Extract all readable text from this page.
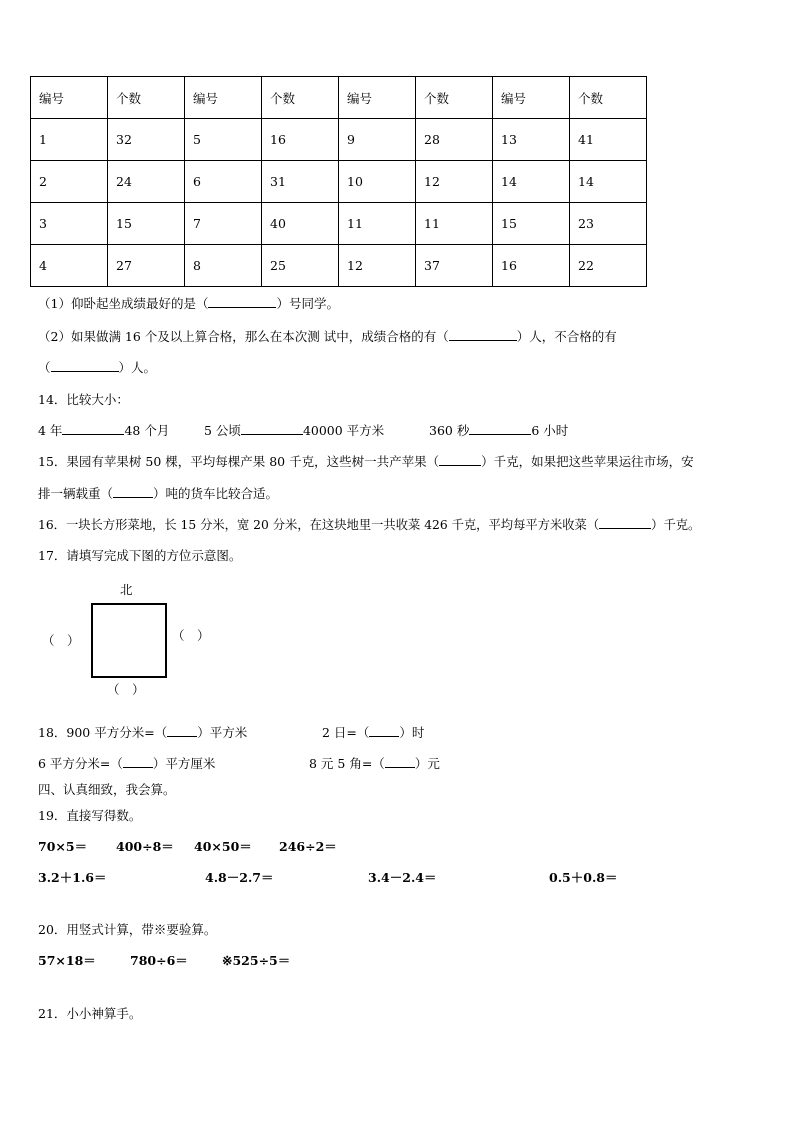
编号	个数	编号	个数	编号	个数	编号	个数
1	32	5	16	9	28	13	41
2	24	6	31	10	12	14	14
3	15	7	40	11	11	15	23
4	27	8	25	12	37	16	22
（1）仰卧起坐成绩最好的是（	）号同学。
（2）如果做满 16 个及以上算合格，那么在本次测 试中，成绩合格的有（	）人，不合格的有
（	）人。
14．比较大小：
4 年	48 个月	5 公顷	40000 平方米	360 秒	6 小时
15．果园有苹果树 50 棵，平均每棵产果 80 千克，这些树一共产苹果（	）千克，如果把这些苹果运往市场，安
排一辆载重（	）吨的货车比较合适。
16．一块长方形菜地，长 15 分米，宽 20 分米，在这块地里一共收菜 426 千克，平均每平方米收菜（	）千克。
17．请填写完成下图的方位示意图。
北
（　）	（　）
（　）
18．900 平方分米=（ ）平方米	2 日=（ ）时
6 平方分米=（ ）平方厘米	8 元 5 角=（ ）元
四、认真细致，我会算。
19．直接写得数。
70×5＝ 400÷8＝ 40×50＝ 246÷2＝
3.2＋1.6＝	4.8－2.7＝	3.4－2.4＝	0.5＋0.8＝
20．用竖式计算，带※要验算。
57×18＝	780÷6＝	※525÷5＝
21．小小神算手。
